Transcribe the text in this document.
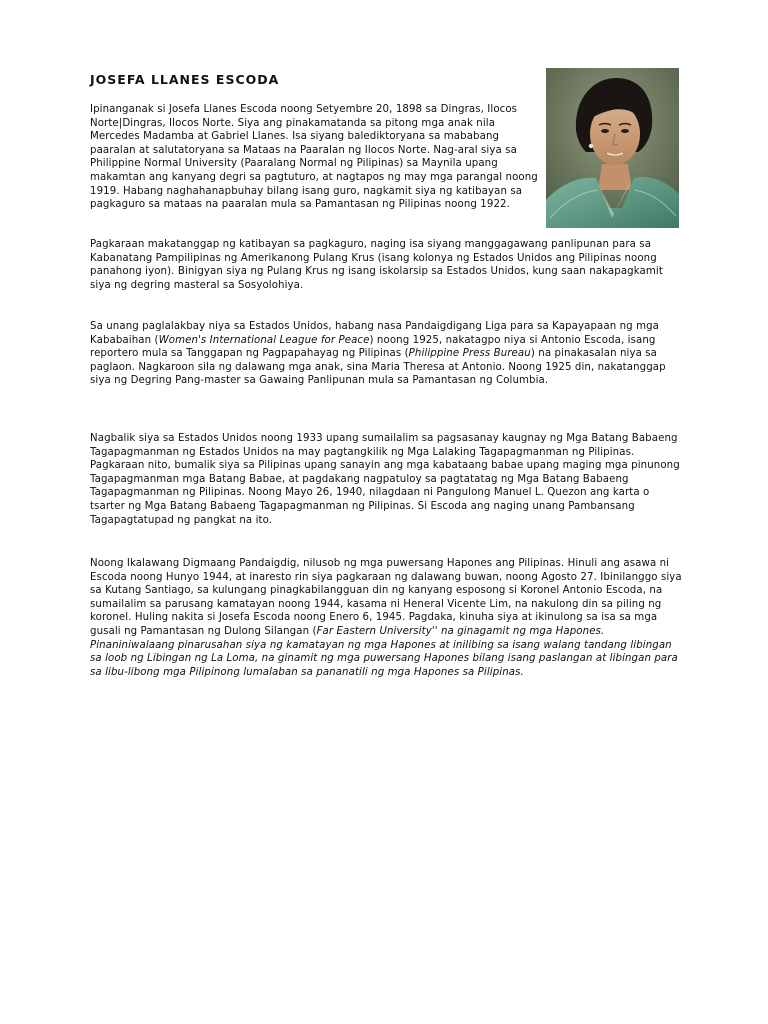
JOSEFA LLANES ESCODA

Ipinanganak si Josefa Llanes Escoda noong Setyembre 20, 1898 sa Dingras, Ilocos Norte|Dingras, Ilocos Norte. Siya ang pinakamatanda sa pitong mga anak nila Mercedes Madamba at Gabriel Llanes. Isa siyang balediktoryana sa mababang paaralan at salutatoryana sa Mataas na Paaralan ng Ilocos Norte. Nag-aral siya sa Philippine Normal University (Paaralang Normal ng Pilipinas) sa Maynila upang makamtan ang kanyang degri sa pagtuturo, at nagtapos ng may mga parangal noong 1919. Habang naghahanapbuhay bilang isang guro, nagkamit siya ng katibayan sa pagkaguro sa mataas na paaralan mula sa Pamantasan ng Pilipinas noong 1922.

Pagkaraan makatanggap ng katibayan sa pagkaguro, naging isa siyang manggagawang panlipunan para sa Kabanatang Pampilipinas ng Amerikanong Pulang Krus (isang kolonya ng Estados Unidos ang Pilipinas noong panahong iyon). Binigyan siya ng Pulang Krus ng isang iskolarsip sa Estados Unidos, kung saan nakapagkamit siya ng degring masteral sa Sosyolohiya.

Sa unang paglalakbay niya sa Estados Unidos, habang nasa Pandaigdigang Liga para sa Kapayapaan ng mga Kababaihan (Women's International League for Peace) noong 1925, nakatagpo niya si Antonio Escoda, isang reportero mula sa Tanggapan ng Pagpapahayag ng Pilipinas (Philippine Press Bureau) na pinakasalan niya sa paglaon. Nagkaroon sila ng dalawang mga anak, sina Maria Theresa at Antonio. Noong 1925 din, nakatanggap siya ng Degring Pang-master sa Gawaing Panlipunan mula sa Pamantasan ng Columbia.

Nagbalik siya sa Estados Unidos noong 1933 upang sumailalim sa pagsasanay kaugnay ng Mga Batang Babaeng Tagapagmanman ng Estados Unidos na may pagtangkilik ng Mga Lalaking Tagapagmanman ng Pilipinas. Pagkaraan nito, bumalik siya sa Pilipinas upang sanayin ang mga kabataang babae upang maging mga pinunong Tagapagmanman mga Batang Babae, at pagdakang nagpatuloy sa pagtatatag ng Mga Batang Babaeng Tagapagmanman ng Pilipinas. Noong Mayo 26, 1940, nilagdaan ni Pangulong Manuel L. Quezon ang karta o tsarter ng Mga Batang Babaeng Tagapagmanman ng Pilipinas. Si Escoda ang naging unang Pambansang Tagapagtatupad ng pangkat na ito.

Noong Ikalawang Digmaang Pandaigdig, nilusob ng mga puwersang Hapones ang Pilipinas. Hinuli ang asawa ni Escoda noong Hunyo 1944, at inaresto rin siya pagkaraan ng dalawang buwan, noong Agosto 27. Ibinilanggo siya sa Kutang Santiago, sa kulungang pinagkabilangguan din ng kanyang esposong si Koronel Antonio Escoda, na sumailalim sa parusang kamatayan noong 1944, kasama ni Heneral Vicente Lim, na nakulong din sa piling ng koronel. Huling nakita si Josefa Escoda noong Enero 6, 1945. Pagdaka, kinuha siya at ikinulong sa isa sa mga gusali ng Pamantasan ng Dulong Silangan (Far Eastern University'' na ginagamit ng mga Hapones. Pinaniniwalaang pinarusahan siya ng kamatayan ng mga Hapones at inilibing sa isang walang tandang libingan sa loob ng Libingan ng La Loma, na ginamit ng mga puwersang Hapones bilang isang paslangan at libingan para sa libu-libong mga Pilipinong lumalaban sa pananatili ng mga Hapones sa Pilipinas.
